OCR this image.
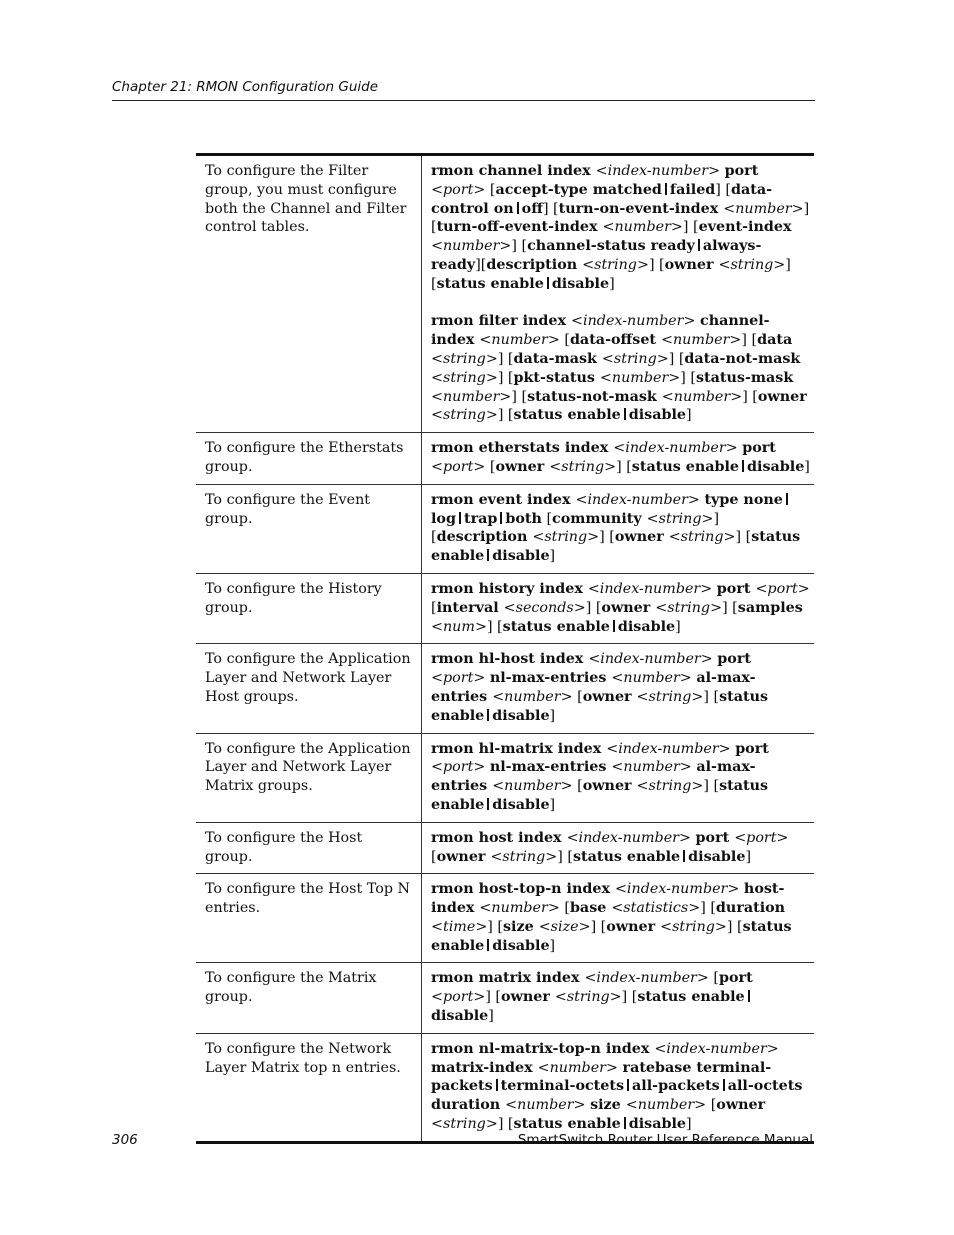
Chapter 21: RMON Configuration Guide
To configure the Filter group, you must configure both the Channel and Filter control tables.	rmon channel index <index-number> port <port> [accept-type matched failed] [data-control on off] [turn-on-event-index <number>] [turn-off-event-index <number>] [event-index <number>] [channel-status ready always-ready][description <string>] [owner <string>] [status enable disable]
rmon filter index <index-number> channel-index <number> [data-offset <number>] [data <string>] [data-mask <string>] [data-not-mask <string>] [pkt-status <number>] [status-mask <number>] [status-not-mask <number>] [owner <string>] [status enable disable]

To configure the Etherstats group.	rmon etherstats index <index-number> port <port> [owner <string>] [status enable disable]

To configure the Event group.	rmon event index <index-number> type nonelog trap both [community <string>] [description <string>] [owner <string>] [status enable disable]

To configure the History group.	rmon history index <index-number> port <port> [interval <seconds>] [owner <string>] [samples <num>] [status enable disable]

To configure the Application Layer and Network Layer Host groups.	rmon hl-host index <index-number> port <port> nl-max-entries <number> al-max-entries <number> [owner <string>] [status enable disable]

To configure the Application Layer and Network Layer Matrix groups.	rmon hl-matrix index <index-number> port <port> nl-max-entries <number> al-max-entries <number> [owner <string>] [status enable disable]

To configure the Host group.	rmon host index <index-number> port <port> [owner <string>] [status enable disable]

To configure the Host Top N entries.	rmon host-top-n index <index-number> host-index <number> [base <statistics>] [duration <time>] [size <size>] [owner <string>] [status enable disable]

To configure the Matrix group.	rmon matrix index <index-number> [port <port>] [owner <string>] [status enabledisable]

To configure the Network Layer Matrix top n entries.	rmon nl-matrix-top-n index <index-number> matrix-index <number> ratebase terminal-packets terminal-octets all-packets all-octets duration <number> size <number> [owner <string>] [status enable disable]
306	SmartSwitch Router User Reference Manual
